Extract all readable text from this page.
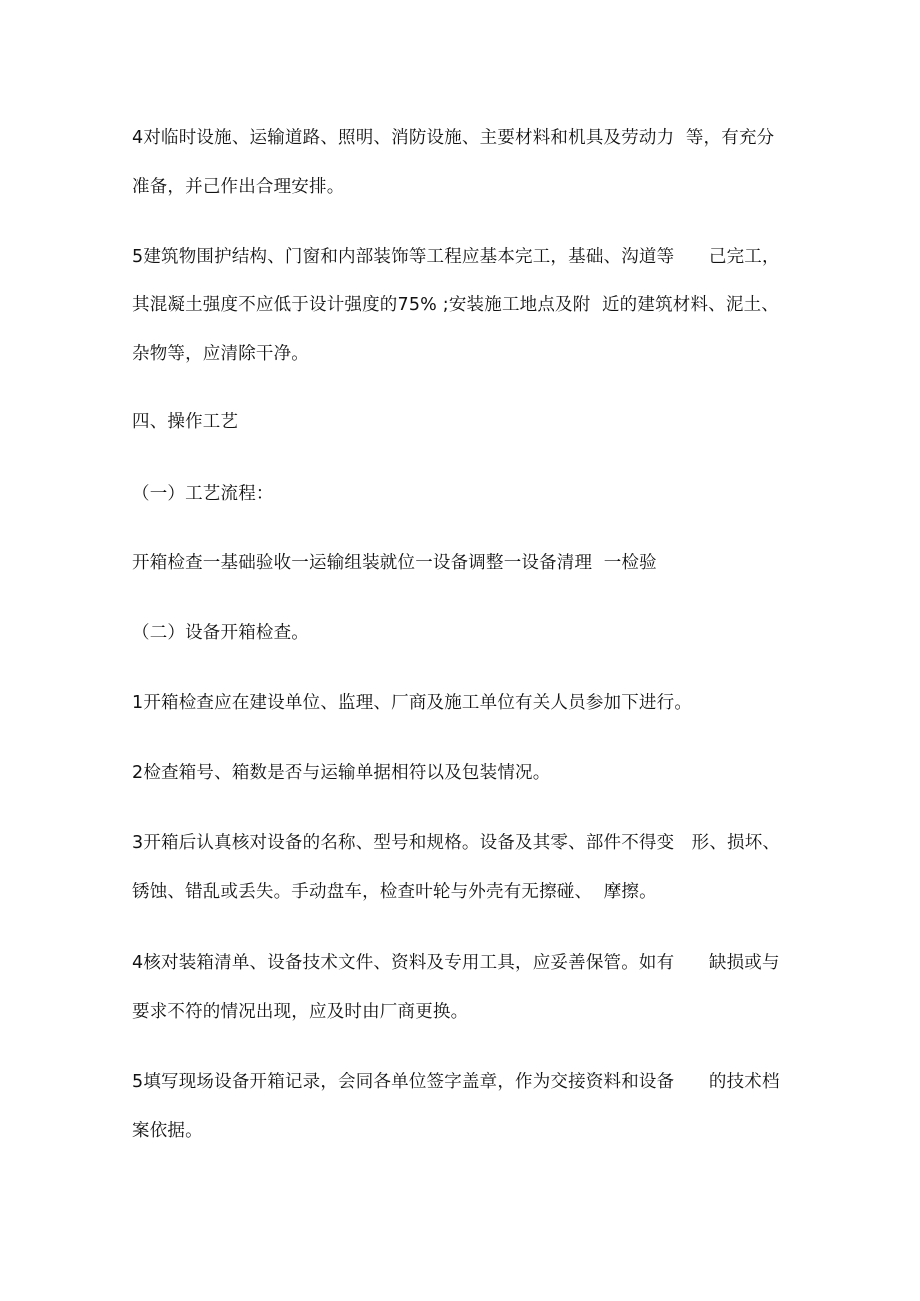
4对临时设施、运输道路、照明、消防设施、主要材料和机具及劳动力  等，有充分
准备，并己作出合理安排。
5建筑物围护结构、门窗和内部装饰等工程应基本完工，基础、沟道等      己完工，
其混凝土强度不应低于设计强度的75% ;安装施工地点及附  近的建筑材料、泥土、
杂物等，应清除干净。
四、操作工艺
（一）工艺流程：
开箱检查一基础验收一运输组装就位一设备调整一设备清理  一检验
（二）设备开箱检查。
1开箱检查应在建设单位、监理、厂商及施工单位有关人员参加下进行。
2检查箱号、箱数是否与运输单据相符以及包装情况。
3开箱后认真核对设备的名称、型号和规格。设备及其零、部件不得变   形、损坏、
锈蚀、错乱或丢失。手动盘车，检查叶轮与外壳有无擦碰、  摩擦。
4核对装箱清单、设备技术文件、资料及专用工具，应妥善保管。如有      缺损或与
要求不符的情况出现，应及时由厂商更换。
5填写现场设备开箱记录，会同各单位签字盖章，作为交接资料和设备      的技术档
案依据。
